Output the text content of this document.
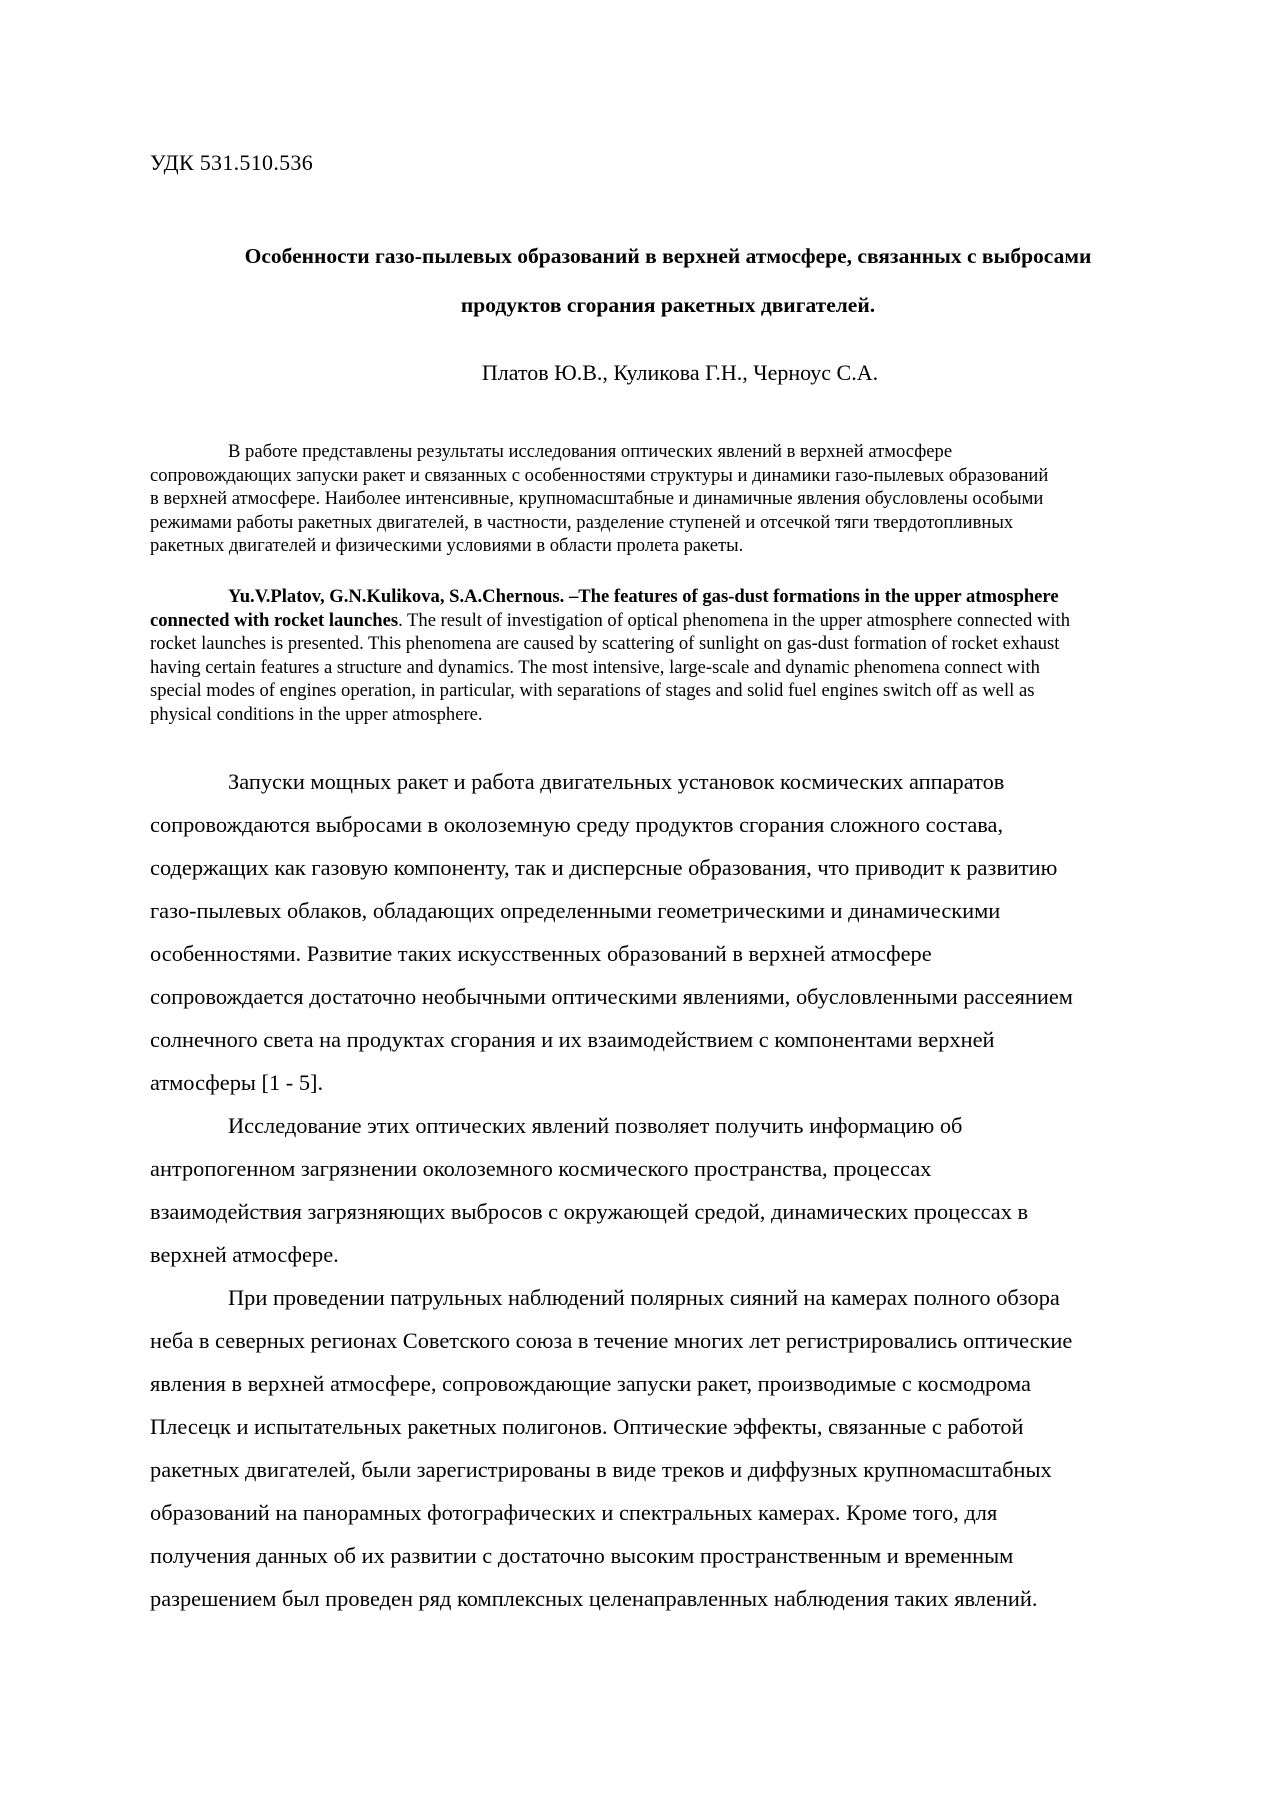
УДК 531.510.536
Особенности газо-пылевых образований в верхней атмосфере, связанных с выбросами
продуктов сгорания ракетных двигателей.
Платов Ю.В., Куликова Г.Н., Черноус С.А.
В работе представлены результаты исследования оптических явлений в верхней атмосфере
сопровождающих запуски ракет и связанных с особенностями структуры и динамики газо-пылевых образований
в верхней атмосфере. Наиболее интенсивные, крупномасштабные и динамичные явления обусловлены особыми
режимами работы ракетных двигателей, в частности, разделение ступеней и отсечкой тяги твердотопливных
ракетных двигателей и физическими условиями в области пролета ракеты.
Yu.V.Platov, G.N.Kulikova, S.A.Chernous. –The features of gas-dust formations in the upper atmosphere
connected with rocket launches. The result of investigation of optical phenomena in the upper atmosphere connected with
rocket launches is presented. This phenomena are caused by scattering of sunlight on gas-dust formation of rocket exhaust
having certain features a structure and dynamics. The most intensive, large-scale and dynamic phenomena connect with
special modes of engines operation, in particular, with separations of stages and solid fuel engines switch off as well as
physical conditions in the upper atmosphere.
Запуски мощных ракет и работа двигательных установок космических аппаратов
сопровождаются выбросами в околоземную среду продуктов сгорания сложного состава,
содержащих как газовую компоненту, так и дисперсные образования, что приводит к развитию
газо-пылевых облаков, обладающих определенными геометрическими и динамическими
особенностями. Развитие таких искусственных образований в верхней атмосфере
сопровождается достаточно необычными оптическими явлениями, обусловленными рассеянием
солнечного света на продуктах сгорания и их взаимодействием с компонентами верхней
атмосферы [1 - 5].
Исследование этих оптических явлений позволяет получить информацию об
антропогенном загрязнении околоземного космического пространства, процессах
взаимодействия загрязняющих выбросов с окружающей средой, динамических процессах в
верхней атмосфере.
При проведении патрульных наблюдений полярных сияний на камерах полного обзора
неба в северных регионах Советского союза в течение многих лет регистрировались оптические
явления в верхней атмосфере, сопровождающие запуски ракет, производимые с космодрома
Плесецк и испытательных ракетных полигонов. Оптические эффекты, связанные с работой
ракетных двигателей, были зарегистрированы в виде треков и диффузных крупномасштабных
образований на панорамных фотографических и спектральных камерах. Кроме того, для
получения данных об их развитии с достаточно высоким пространственным и временным
разрешением был проведен ряд комплексных целенаправленных наблюдения таких явлений.
